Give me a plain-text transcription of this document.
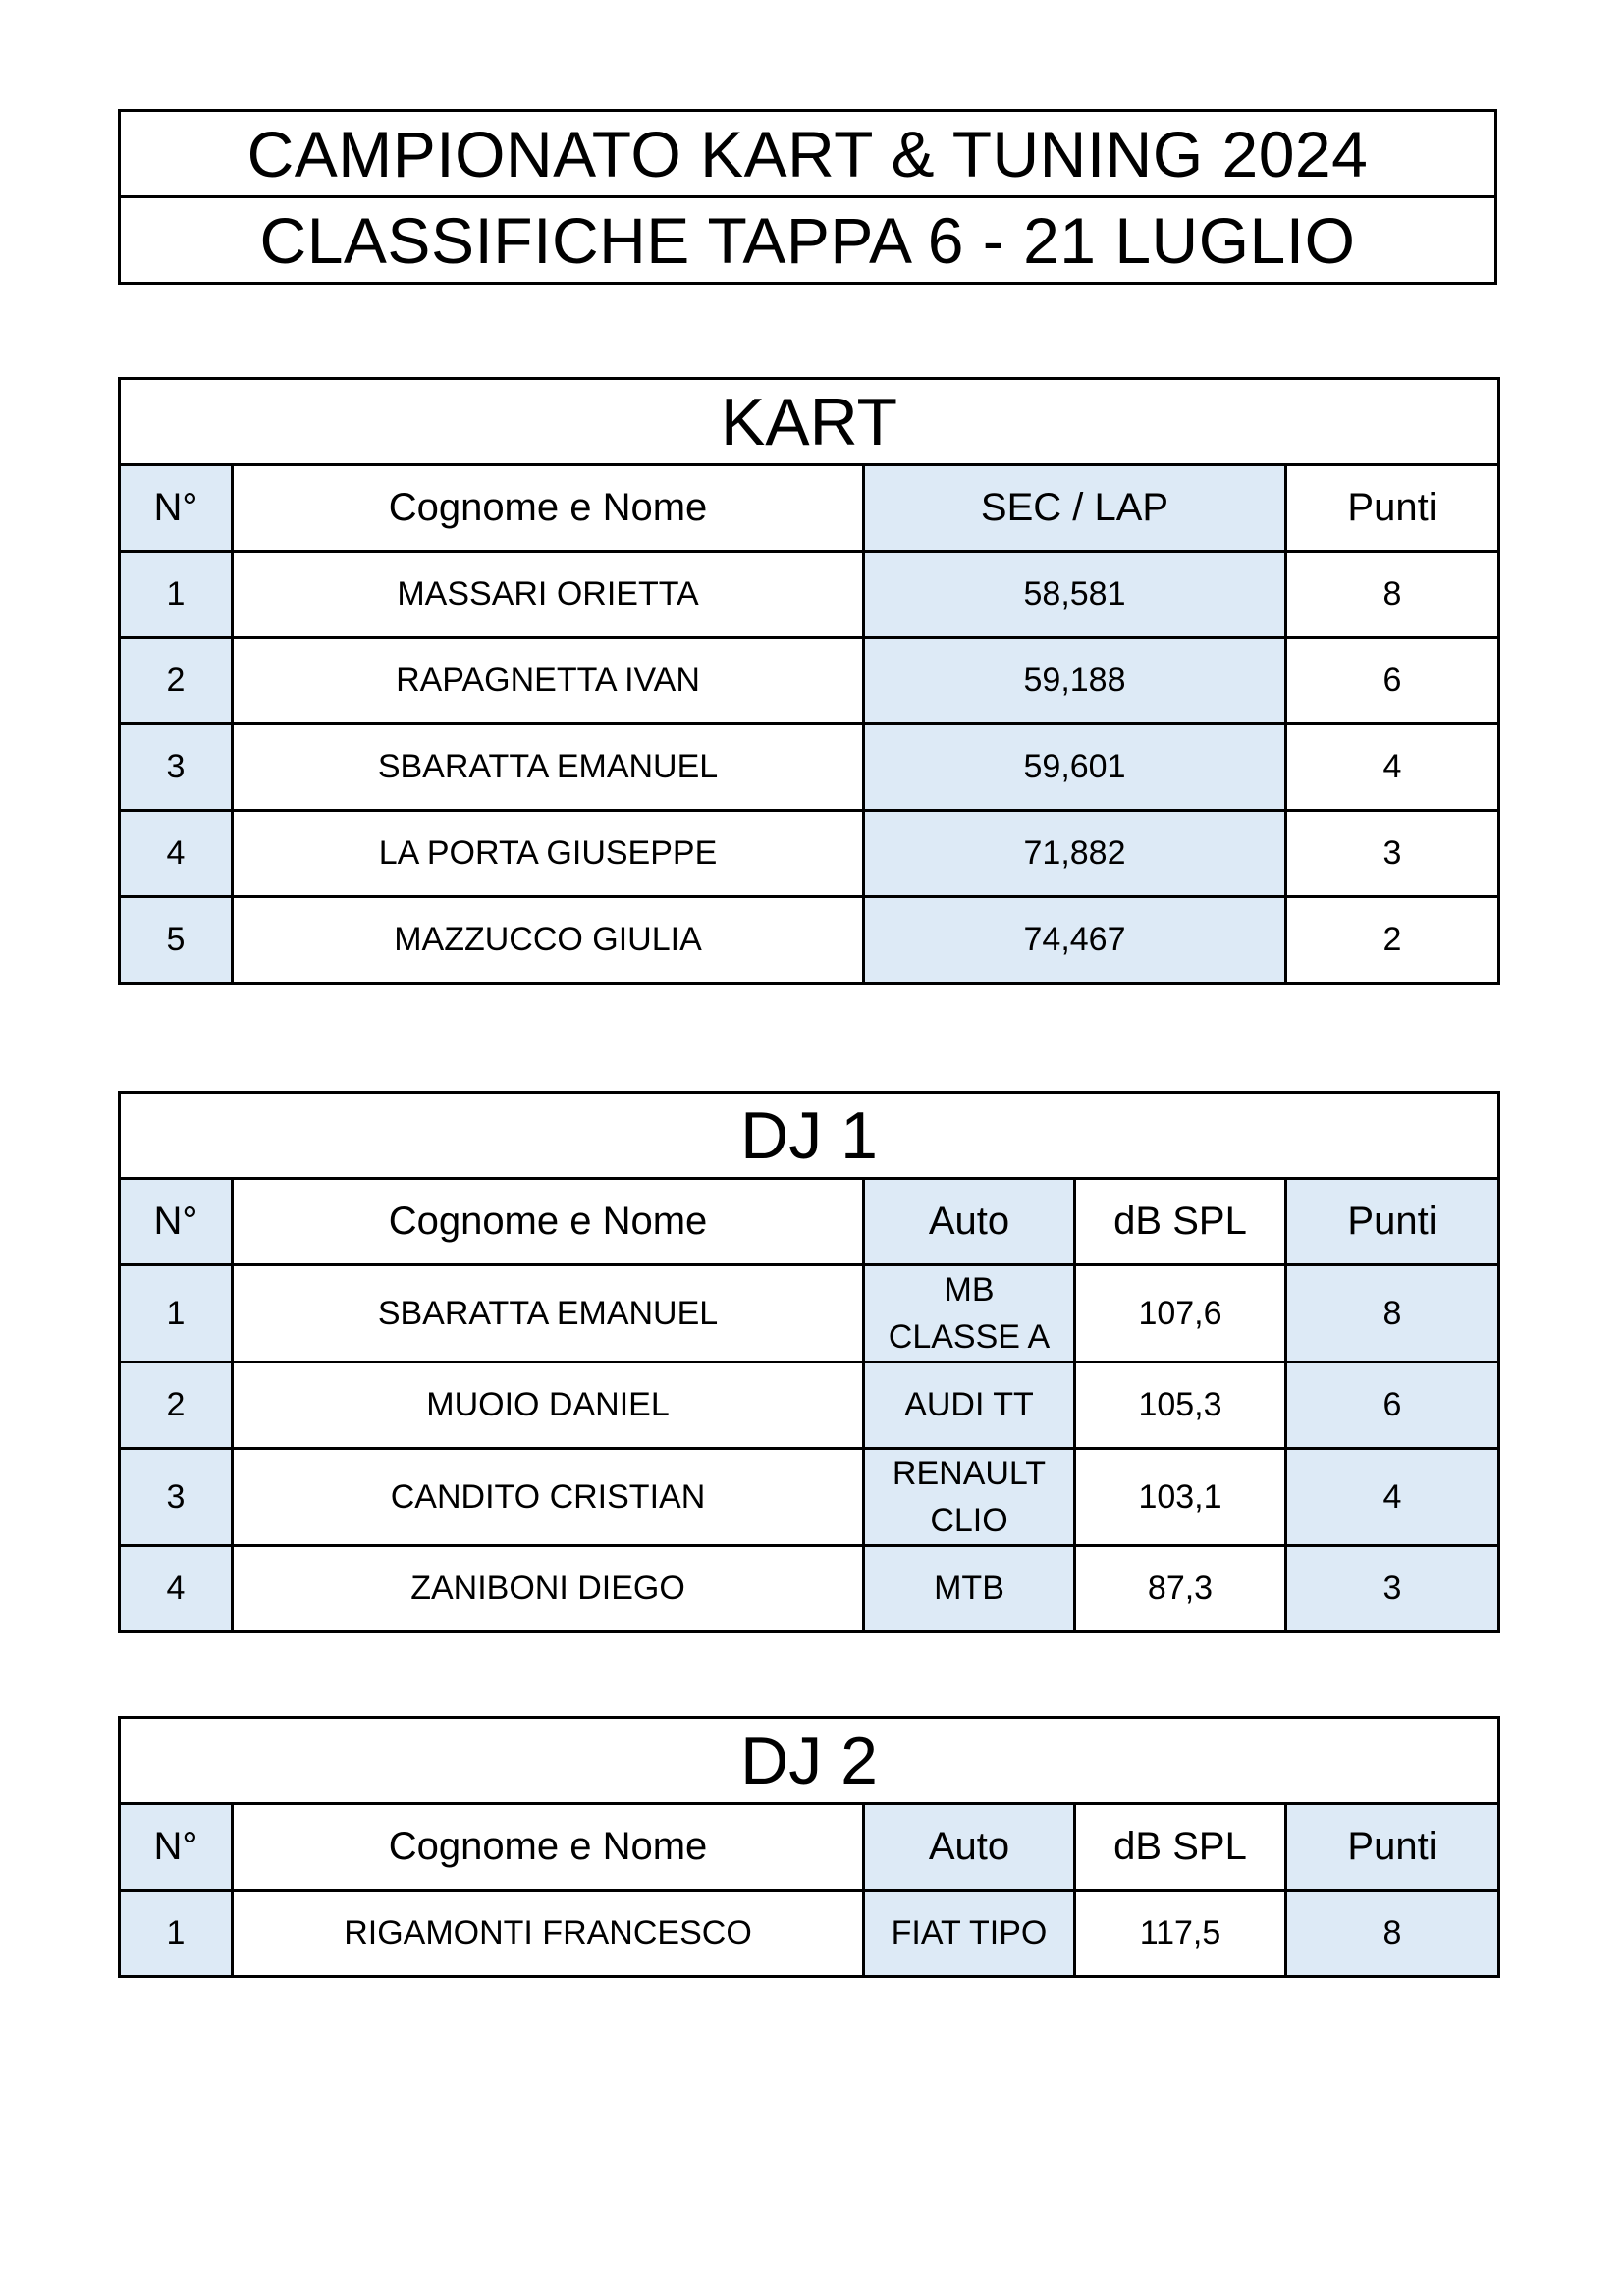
CAMPIONATO KART & TUNING 2024
CLASSIFICHE TAPPA 6 - 21 LUGLIO
KART			
N°	Cognome e Nome	SEC / LAP	Punti
1	MASSARI ORIETTA	58,581	8
2	RAPAGNETTA IVAN	59,188	6
3	SBARATTA EMANUEL	59,601	4
4	LA PORTA GIUSEPPE	71,882	3
5	MAZZUCCO GIULIA	74,467	2
DJ 1				
N°	Cognome e Nome	Auto	dB SPL	Punti
1	SBARATTA EMANUEL	MB
CLASSE A	107,6	8
2	MUOIO DANIEL	AUDI TT	105,3	6
3	CANDITO CRISTIAN	RENAULT
CLIO	103,1	4
4	ZANIBONI DIEGO	MTB	87,3	3
DJ 2				
N°	Cognome e Nome	Auto	dB SPL	Punti
1	RIGAMONTI FRANCESCO	FIAT TIPO	117,5	8
